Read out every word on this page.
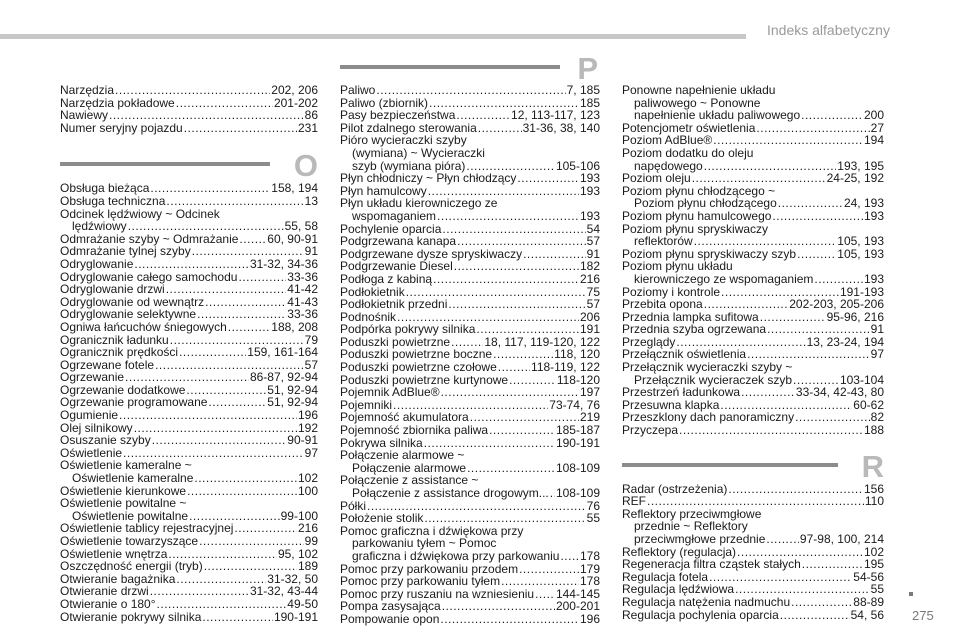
Indeks alfabetyczny
Narzędzia .....	202, 206
Narzędzia pokładowe .....	201-202
Nawiewy .....	86
Numer seryjny pojazdu .....	231
O
Obsługa bieżąca .....	158, 194
Obsługa techniczna .....	13
Odcinek lędźwiowy ~ Odcinek
lędźwiowy .....	55, 58
Odmrażanie szyby ~ Odmrażanie ..... 60, 90-91
Odmrażanie tylnej szyby .....	91
Odryglowanie .....	31-32, 34-36
Odryglowanie całego samochodu .....	33-36
Odryglowanie drzwi .....	41-42
Odryglowanie od wewnątrz .....	41-43
Odryglowanie selektywne .....	33-36
Ogniwa łańcuchów śniegowych .....	188, 208
Ogranicznik ładunku .....	79
Ogranicznik prędkości .....	159, 161-164
Ogrzewane fotele .....	57
Ogrzewanie .....	86-87, 92-94
Ogrzewanie dodatkowe .....	51, 92-94
Ogrzewanie programowane .....	51, 92-94
Ogumienie .....	196
Olej silnikowy .....	192
Osuszanie szyby .....	90-91
Oświetlenie .....	97
Oświetlenie kameralne ~
Oświetlenie kameralne .....	102
Oświetlenie kierunkowe .....	100
Oświetlenie powitalne ~
Oświetlenie powitalne .....	99-100
Oświetlenie tablicy rejestracyjnej .....	216
Oświetlenie towarzyszące .....	99
Oświetlenie wnętrza .....	95, 102
Oszczędność energii (tryb) .....	189
Otwieranie bagażnika .....	31-32, 50
Otwieranie drzwi .....	31-32, 43-44
Otwieranie o 180° .....	49-50
Otwieranie pokrywy silnika .....	190-191
P
Paliwo .....	7, 185
Paliwo (zbiornik) .....	185
Pasy bezpieczeństwa .....	12, 113-117, 123
Pilot zdalnego sterowania .....	31-36, 38, 140
Pióro wycieraczki szyby
(wymiana) ~ Wycieraczki
szyb (wymiana pióra) .....	105-106
Płyn chłodniczy ~ Płyn chłodzący .....	193
Płyn hamulcowy .....	193
Płyn układu kierowniczego ze
wspomaganiem .....	193
Pochylenie oparcia .....	54
Podgrzewana kanapa .....	57
Podgrzewane dysze spryskiwaczy .....	91
Podgrzewanie Diesel .....	182
Podłoga z kabiną .....	216
Podłokietnik .....	75
Podłokietnik przedni .....	57
Podnośnik .....	206
Podpórka pokrywy silnika .....	191
Poduszki powietrzne .....	18, 117, 119-120, 122
Poduszki powietrzne boczne .....	118, 120
Poduszki powietrzne czołowe .....	118-119, 122
Poduszki powietrzne kurtynowe .....	118-120
Pojemnik AdBlue® .....	197
Pojemniki .....	73-74, 76
Pojemność akumulatora .....	219
Pojemność zbiornika paliwa .....	185-187
Pokrywa silnika .....	190-191
Połączenie alarmowe ~
Połączenie alarmowe .....	108-109
Połączenie z assistance ~
Połączenie z assistance drogowym... ..... 108-109
Półki .....	76
Położenie stolik .....	55
Pomoc graficzna i dźwiękowa przy
parkowaniu tyłem ~ Pomoc
graficzna i dźwiękowa przy parkowaniu ..... 178
Pomoc przy parkowaniu przodem .....	179
Pomoc przy parkowaniu tyłem .....	178
Pomoc przy ruszaniu na wzniesieniu ..... 144-145
Pompa zasysająca .....	200-201
Pompowanie opon .....	196
Ponowne napełnienie układu
paliwowego ~ Ponowne
napełnienie układu paliwowego .....	200
Potencjometr oświetlenia .....	27
Poziom AdBlue® .....	194
Poziom dodatku do oleju
napędowego .....	193, 195
Poziom oleju .....	24-25, 192
Poziom płynu chłodzącego ~
Poziom płynu chłodzącego .....	24, 193
Poziom płynu hamulcowego .....	193
Poziom płynu spryskiwaczy
reflektorów .....	105, 193
Poziom płynu spryskiwaczy szyb .....	105, 193
Poziom płynu układu
kierowniczego ze wspomaganiem .....	193
Poziomy i kontrole .....	191-193
Przebita opona .....	202-203, 205-206
Przednia lampka sufitowa .....	95-96, 216
Przednia szyba ogrzewana .....	91
Przeglądy .....	13, 23-24, 194
Przełącznik oświetlenia .....	97
Przełącznik wycieraczki szyby ~
Przełącznik wycieraczek szyb .....	103-104
Przestrzeń ładunkowa .....	33-34, 42-43, 80
Przesuwna klapka .....	60-62
Przeszklony dach panoramiczny .....	82
Przyczepa .....	188
R
Radar (ostrzeżenia) .....	156
REF .....	110
Reflektory przeciwmgłowe
przednie ~ Reflektory
przeciwmgłowe przednie .....	97-98, 100, 214
Reflektory (regulacja) .....	102
Regeneracja filtra cząstek stałych .....	195
Regulacja fotela .....	54-56
Regulacja lędźwiowa .....	55
Regulacja natężenia nadmuchu .....	88-89
Regulacja pochylenia oparcia .....	54, 56 275
